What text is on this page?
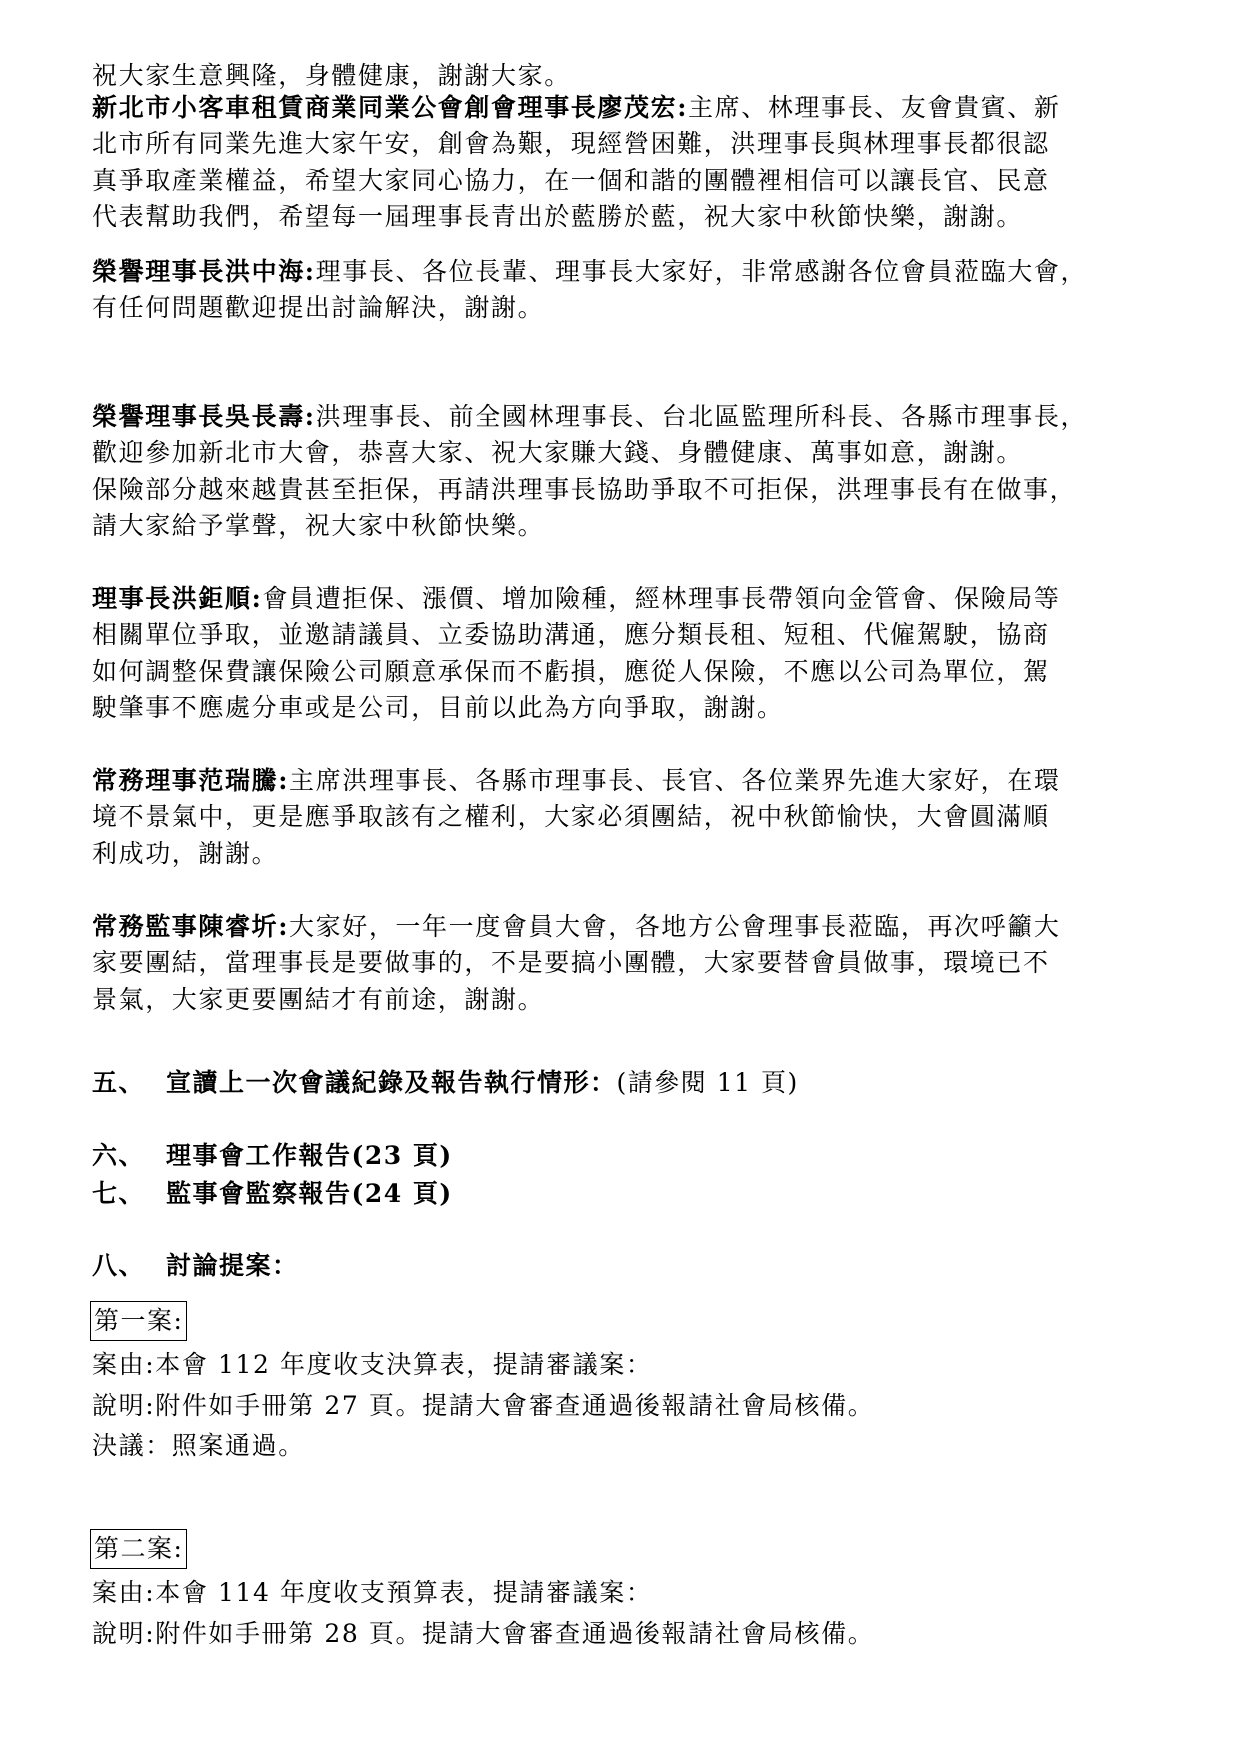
祝大家生意興隆，身體健康，謝謝大家。
新北市小客車租賃商業同業公會創會理事長廖茂宏:主席、林理事長、友會貴賓、新
北市所有同業先進大家午安，創會為艱，現經營困難，洪理事長與林理事長都很認
真爭取產業權益，希望大家同心協力，在一個和諧的團體裡相信可以讓長官、民意
代表幫助我們，希望每一屆理事長青出於藍勝於藍，祝大家中秋節快樂，謝謝。
榮譽理事長洪中海:理事長、各位長輩、理事長大家好，非常感謝各位會員蒞臨大會，
有任何問題歡迎提出討論解決，謝謝。
榮譽理事長吳長壽:洪理事長、前全國林理事長、台北區監理所科長、各縣市理事長，
歡迎參加新北市大會，恭喜大家、祝大家賺大錢、身體健康、萬事如意，謝謝。
保險部分越來越貴甚至拒保，再請洪理事長協助爭取不可拒保，洪理事長有在做事，
請大家給予掌聲，祝大家中秋節快樂。
理事長洪鉅順:會員遭拒保、漲價、增加險種，經林理事長帶領向金管會、保險局等
相關單位爭取，並邀請議員、立委協助溝通，應分類長租、短租、代僱駕駛，協商
如何調整保費讓保險公司願意承保而不虧損，應從人保險，不應以公司為單位，駕
駛肇事不應處分車或是公司，目前以此為方向爭取，謝謝。
常務理事范瑞騰:主席洪理事長、各縣市理事長、長官、各位業界先進大家好，在環
境不景氣中，更是應爭取該有之權利，大家必須團結，祝中秋節愉快，大會圓滿順
利成功，謝謝。
常務監事陳睿圻:大家好，一年一度會員大會，各地方公會理事長蒞臨，再次呼籲大
家要團結，當理事長是要做事的，不是要搞小團體，大家要替會員做事，環境已不
景氣，大家更要團結才有前途，謝謝。
五、 宣讀上一次會議紀錄及報告執行情形：(請參閱 11 頁)
六、 理事會工作報告(23 頁)
七、 監事會監察報告(24 頁)
八、 討論提案：
第一案:
案由:本會 112 年度收支決算表，提請審議案：
說明:附件如手冊第 27 頁。提請大會審查通過後報請社會局核備。
決議：照案通過。
第二案:
案由:本會 114 年度收支預算表，提請審議案：
說明:附件如手冊第 28 頁。提請大會審查通過後報請社會局核備。
